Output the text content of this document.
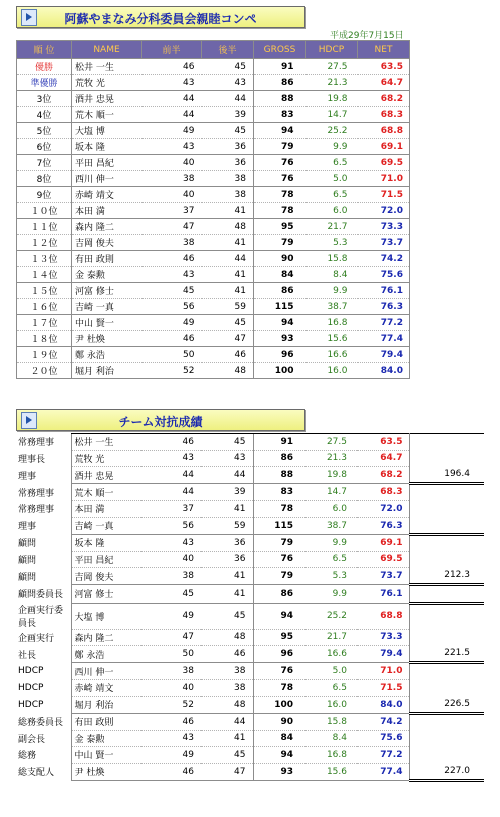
阿蘇やまなみ分科委員会親睦コンペ
平成29年7月15日
順 位	NAME	前半	後半	GROSS	HDCP	NET
優勝	松井 一生	46	45	91	27.5	63.5
準優勝	荒牧 光	43	43	86	21.3	64.7
3位	酒井 忠晃	44	44	88	19.8	68.2
4位	荒木 順一	44	39	83	14.7	68.3
5位	大塩 博	49	45	94	25.2	68.8
6位	坂本 隆	43	36	79	9.9	69.1
7位	平田 昌紀	40	36	76	6.5	69.5
8位	西川 伸一	38	38	76	5.0	71.0
9位	赤崎 靖文	40	38	78	6.5	71.5
１０位	本田 満	37	41	78	6.0	72.0
１１位	森内 隆二	47	48	95	21.7	73.3
１２位	吉岡 俊夫	38	41	79	5.3	73.7
１３位	有田 政則	46	44	90	15.8	74.2
１４位	金 泰勲	43	41	84	8.4	75.6
１５位	河富 修士	45	41	86	9.9	76.1
１６位	吉崎 一真	56	59	115	38.7	76.3
１７位	中山 賢一	49	45	94	16.8	77.2
１８位	尹 杜煥	46	47	93	15.6	77.4
１９位	鄭 永浩	50	46	96	16.6	79.4
２０位	堀月 利治	52	48	100	16.0	84.0
チーム対抗成績
常務理事	松井 一生	46	45	91	27.5	63.5	
理事長	荒牧 光	43	43	86	21.3	64.7	
理事	酒井 忠晃	44	44	88	19.8	68.2	196.4
常務理事	荒木 順一	44	39	83	14.7	68.3	
常務理事	本田 満	37	41	78	6.0	72.0	
理事	吉崎 一真	56	59	115	38.7	76.3	
顧問	坂本 隆	43	36	79	9.9	69.1	
顧問	平田 昌紀	40	36	76	6.5	69.5	
顧問	吉岡 俊夫	38	41	79	5.3	73.7	212.3
顧問委員長	河富 修士	45	41	86	9.9	76.1	
企画実行委員長	大塩 博	49	45	94	25.2	68.8	
企画実行	森内 隆二	47	48	95	21.7	73.3	
社長	鄭 永浩	50	46	96	16.6	79.4	221.5
HDCP	西川 伸一	38	38	76	5.0	71.0	
HDCP	赤崎 靖文	40	38	78	6.5	71.5	
HDCP	堀月 利治	52	48	100	16.0	84.0	226.5
総務委員長	有田 政則	46	44	90	15.8	74.2	
副会長	金 泰勲	43	41	84	8.4	75.6	
総務	中山 賢一	49	45	94	16.8	77.2	
総支配人	尹 杜煥	46	47	93	15.6	77.4	227.0
